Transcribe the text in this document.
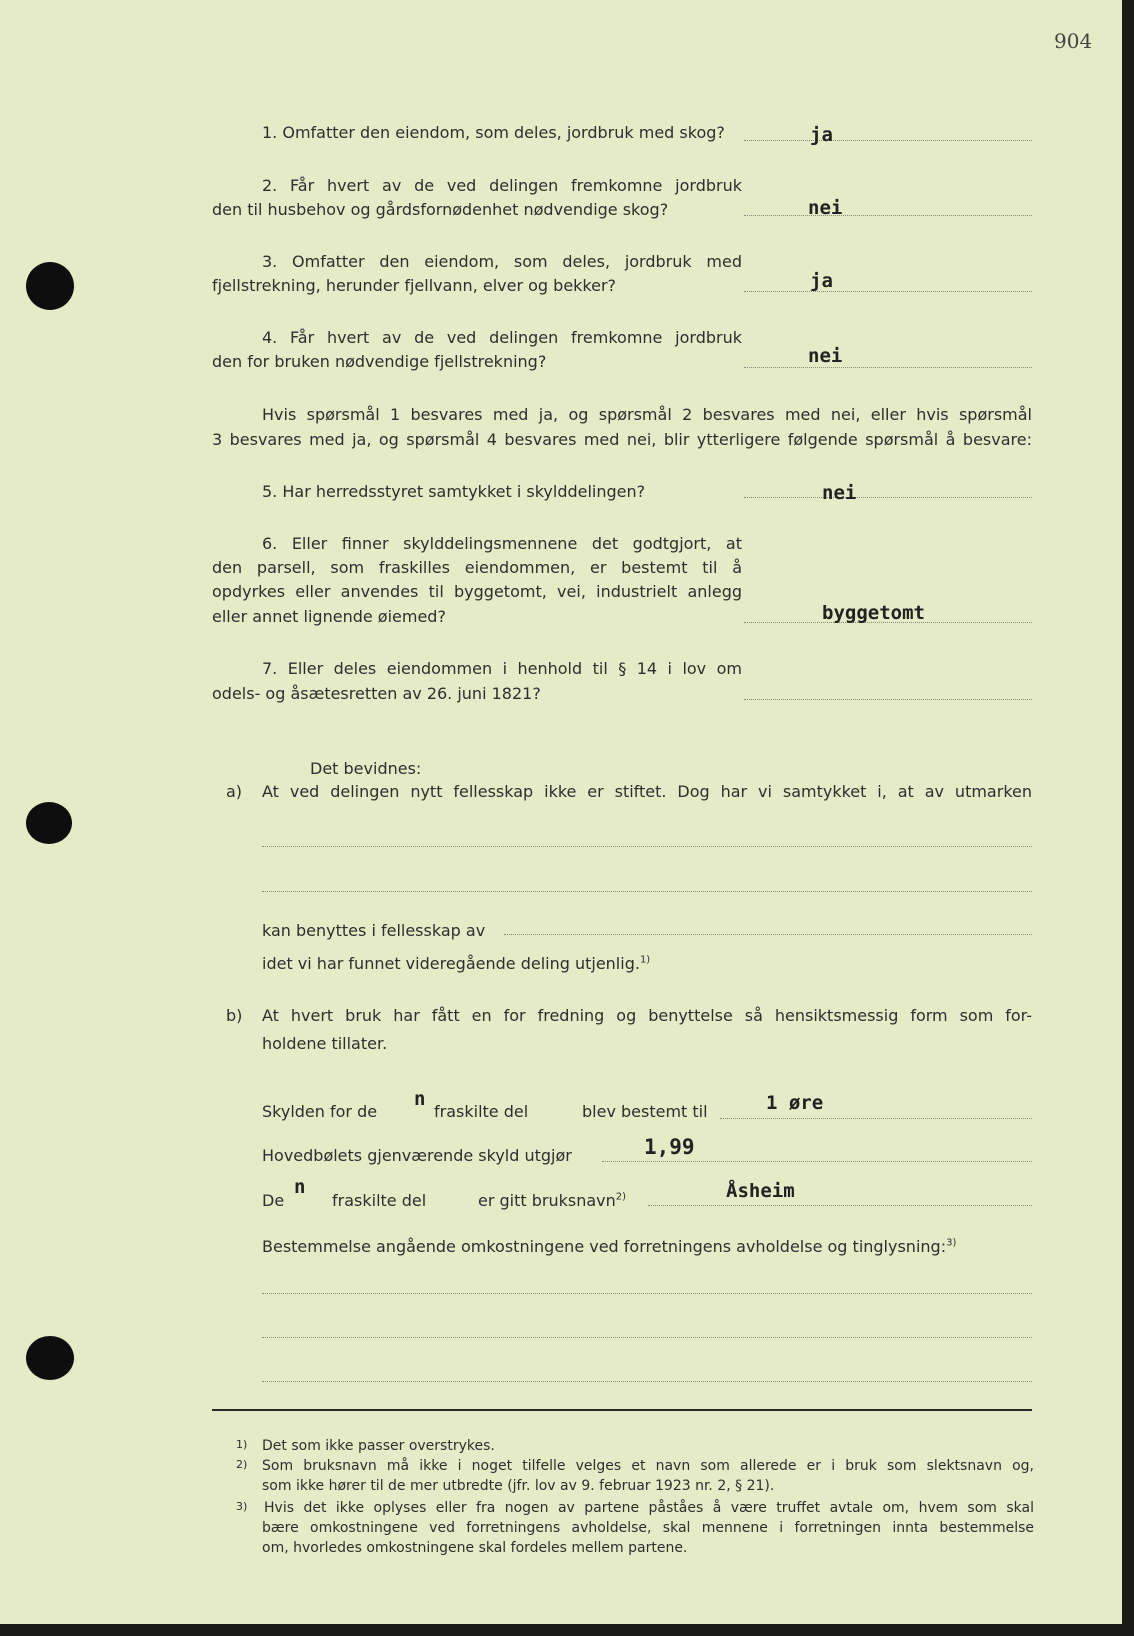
904
1. Omfatter den eiendom, som deles, jordbruk med skog?	ja
2. Får hvert av de ved delingen fremkomne jordbruk
den til husbehov og gårdsfornødenhet nødvendige skog?	nei
3. Omfatter den eiendom, som deles, jordbruk med
fjellstrekning, herunder fjellvann, elver og bekker?	ja
4. Får hvert av de ved delingen fremkomne jordbruk
den for bruken nødvendige fjellstrekning?	nei
Hvis spørsmål 1 besvares med ja, og spørsmål 2 besvares med nei, eller hvis spørsmål
3 besvares med ja, og spørsmål 4 besvares med nei, blir ytterligere følgende spørsmål å besvare:
5. Har herredsstyret samtykket i skylddelingen?	nei
6. Eller finner skylddelingsmennene det godtgjort, at
den parsell, som fraskilles eiendommen, er bestemt til å
opdyrkes eller anvendes til byggetomt, vei, industrielt anlegg
eller annet lignende øiemed?	byggetomt
7. Eller deles eiendommen i henhold til § 14 i lov om
odels- og åsætesretten av 26. juni 1821?
Det bevidnes:
a) At ved delingen nytt fellesskap ikke er stiftet. Dog har vi samtykket i, at av utmarken
kan benyttes i fellesskap av
idet vi har funnet videregående deling utjenlig.$^{1)}$
b) At hvert bruk har fått en for fredning og benyttelse så hensiktsmessig form som for-
holdene tillater.
Skylden for de
n
fraskilte del	blev bestemt til	1 øre
Hovedbølets gjenværende skyld utgjør	1,99
De
n
fraskilte del	er gitt bruksnavn$^{2)}$	Åsheim
Bestemmelse angående omkostningene ved forretningens avholdelse og tinglysning:$^{3)}$
1) Det som ikke passer overstrykes.
2) Som bruksnavn må ikke i noget tilfelle velges et navn som allerede er i bruk som slektsnavn og,
som ikke hører til de mer utbredte (jfr. lov av 9. februar 1923 nr. 2, § 21).
3) Hvis det ikke oplyses eller fra nogen av partene påståes å være truffet avtale om, hvem som skal
bære omkostningene ved forretningens avholdelse, skal mennene i forretningen innta bestemmelse
om, hvorledes omkostningene skal fordeles mellem partene.
